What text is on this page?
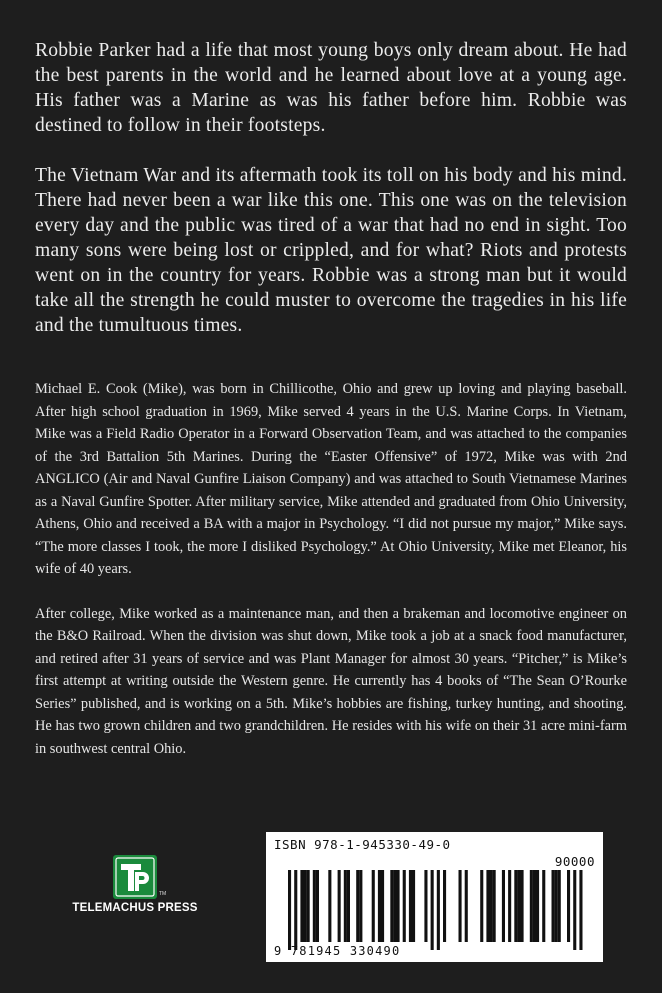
Robbie Parker had a life that most young boys only dream about. He had the best parents in the world and he learned about love at a young age. His father was a Marine as was his father before him. Robbie was destined to follow in their footsteps.

The Vietnam War and its aftermath took its toll on his body and his mind. There had never been a war like this one. This one was on the television every day and the public was tired of a war that had no end in sight. Too many sons were being lost or crippled, and for what? Riots and protests went on in the country for years. Robbie was a strong man but it would take all the strength he could muster to overcome the tragedies in his life and the tumultuous times.

Michael E. Cook (Mike), was born in Chillicothe, Ohio and grew up loving and playing baseball. After high school graduation in 1969, Mike served 4 years in the U.S. Marine Corps. In Vietnam, Mike was a Field Radio Operator in a Forward Observation Team, and was attached to the companies of the 3rd Battalion 5th Marines. During the “Easter Offensive” of 1972, Mike was with 2nd ANGLICO (Air and Naval Gunfire Liaison Company) and was attached to South Vietnamese Marines as a Naval Gunfire Spotter. After military service, Mike attended and graduated from Ohio University, Athens, Ohio and received a BA with a major in Psychology. “I did not pursue my major,” Mike says. “The more classes I took, the more I disliked Psychology.” At Ohio University, Mike met Eleanor, his wife of 40 years.

After college, Mike worked as a maintenance man, and then a brakeman and locomotive engineer on the B&O Railroad. When the division was shut down, Mike took a job at a snack food manufacturer, and retired after 31 years of service and was Plant Manager for almost 30 years. “Pitcher,” is Mike’s first attempt at writing outside the Western genre. He currently has 4 books of “The Sean O’Rourke Series” published, and is working on a 5th. Mike’s hobbies are fishing, turkey hunting, and shooting. He has two grown children and two grandchildren. He resides with his wife on their 31 acre mini-farm in southwest central Ohio.

TM
TELEMACHUS PRESS
ISBN 978-1-945330-49-0
90000
9 781945 330490
